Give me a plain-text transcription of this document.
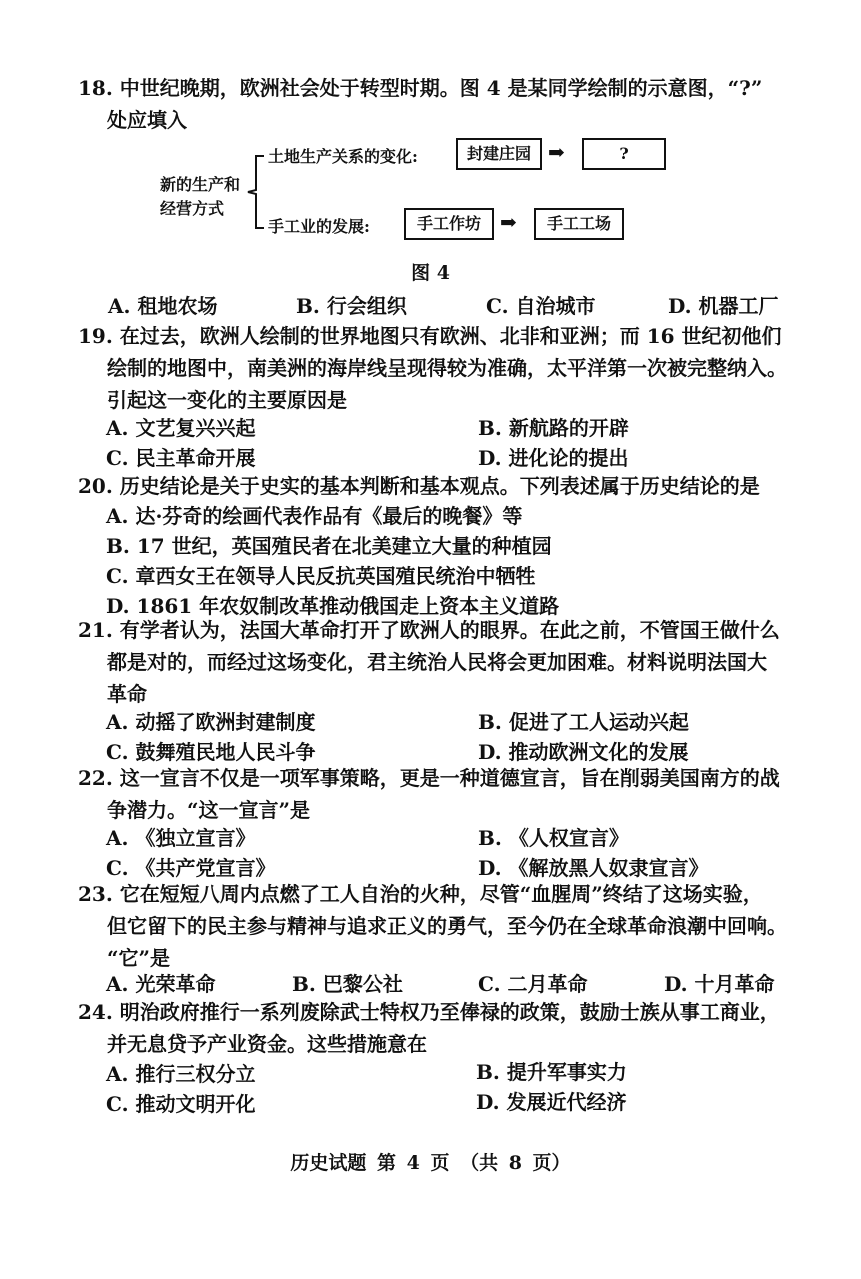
18. 中世纪晚期，欧洲社会处于转型时期。图 4 是某同学绘制的示意图，“?”
处应填入
新的生产和
经营方式
土地生产关系的变化:	封建庄园 ➡	?
手工业的发展:	手工作坊 ➡	手工工场
图 4
A. 租地农场	B. 行会组织	C. 自治城市	D. 机器工厂
19. 在过去，欧洲人绘制的世界地图只有欧洲、北非和亚洲；而 16 世纪初他们
绘制的地图中，南美洲的海岸线呈现得较为准确，太平洋第一次被完整纳入。
引起这一变化的主要原因是
A. 文艺复兴兴起	B. 新航路的开辟
C. 民主革命开展	D. 进化论的提出
20. 历史结论是关于史实的基本判断和基本观点。下列表述属于历史结论的是
A. 达·芬奇的绘画代表作品有《最后的晚餐》等
B. 17 世纪，英国殖民者在北美建立大量的种植园
C. 章西女王在领导人民反抗英国殖民统治中牺牲
D. 1861 年农奴制改革推动俄国走上资本主义道路
21. 有学者认为，法国大革命打开了欧洲人的眼界。在此之前，不管国王做什么
都是对的，而经过这场变化，君主统治人民将会更加困难。材料说明法国大
革命
A. 动摇了欧洲封建制度	B. 促进了工人运动兴起
C. 鼓舞殖民地人民斗争	D. 推动欧洲文化的发展
22. 这一宣言不仅是一项军事策略，更是一种道德宣言，旨在削弱美国南方的战
争潜力。“这一宣言”是
A. 《独立宣言》	B. 《人权宣言》
C. 《共产党宣言》	D. 《解放黑人奴隶宣言》
23. 它在短短八周内点燃了工人自治的火种，尽管“血腥周”终结了这场实验，
但它留下的民主参与精神与追求正义的勇气，至今仍在全球革命浪潮中回响。
“它”是
A. 光荣革命	B. 巴黎公社	C. 二月革命	D. 十月革命
24. 明治政府推行一系列废除武士特权乃至俸禄的政策，鼓励士族从事工商业，
并无息贷予产业资金。这些措施意在
A. 推行三权分立	B. 提升军事实力
C. 推动文明开化	D. 发展近代经济
历史试题 第 4 页 （共 8 页）
